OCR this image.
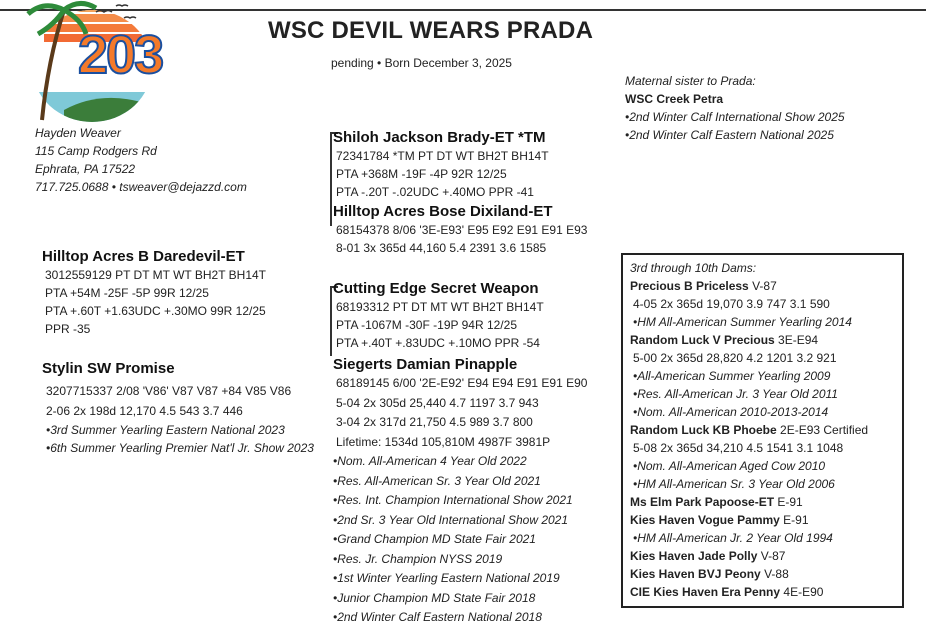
203	WSC DEVIL WEARS PRADA
pending • Born December 3, 2025
Hayden Weaver
115 Camp Rodgers Rd
Ephrata, PA 17522
717.725.0688 • tsweaver@dejazzd.com
Maternal sister to Prada:
WSC Creek Petra
•2nd Winter Calf International Show 2025
•2nd Winter Calf Eastern National 2025
Shiloh Jackson Brady-ET *TM
72341784 *TM PT DT WT BH2T BH14T
PTA +368M -19F -4P 92R 12/25
PTA -.20T -.02UDC +.40MO PPR -41
Hilltop Acres Bose Dixiland-ET
68154378 8/06 '3E-E93' E95 E92 E91 E91 E93
8-01 3x 365d 44,160 5.4 2391 3.6 1585
Hilltop Acres B Daredevil-ET
3012559129 PT DT MT WT BH2T BH14T
PTA +54M -25F -5P 99R 12/25
PTA +.60T +1.63UDC +.30MO 99R 12/25
PPR -35
Stylin SW Promise
3207715337 2/08 'V86' V87 V87 +84 V85 V86
2-06 2x 198d 12,170 4.5 543 3.7 446
•3rd Summer Yearling Eastern National 2023
•6th Summer Yearling Premier Nat'l Jr. Show 2023
Cutting Edge Secret Weapon
68193312 PT DT MT WT BH2T BH14T
PTA -1067M -30F -19P 94R 12/25
PTA +.40T +.83UDC +.10MO PPR -54
Siegerts Damian Pinapple
68189145 6/00 '2E-E92' E94 E94 E91 E91 E90
5-04 2x 305d 25,440 4.7 1197 3.7 943
3-04 2x 317d 21,750 4.5 989 3.7 800
Lifetime: 1534d 105,810M 4987F 3981P
•Nom. All-American 4 Year Old 2022
•Res. All-American Sr. 3 Year Old 2021
•Res. Int. Champion International Show 2021
•2nd Sr. 3 Year Old International Show 2021
•Grand Champion MD State Fair 2021
•Res. Jr. Champion NYSS 2019
•1st Winter Yearling Eastern National 2019
•Junior Champion MD State Fair 2018
•2nd Winter Calf Eastern National 2018
3rd through 10th Dams:
Precious B Priceless V-87
4-05 2x 365d 19,070 3.9 747 3.1 590
•HM All-American Summer Yearling 2014
Random Luck V Precious 3E-E94
5-00 2x 365d 28,820 4.2 1201 3.2 921
•All-American Summer Yearling 2009
•Res. All-American Jr. 3 Year Old 2011
•Nom. All-American 2010-2013-2014
Random Luck KB Phoebe 2E-E93 Certified
5-08 2x 365d 34,210 4.5 1541 3.1 1048
•Nom. All-American Aged Cow 2010
•HM All-American Sr. 3 Year Old 2006
Ms Elm Park Papoose-ET E-91
Kies Haven Vogue Pammy E-91
•HM All-American Jr. 2 Year Old 1994
Kies Haven Jade Polly V-87
Kies Haven BVJ Peony V-88
CIE Kies Haven Era Penny 4E-E90
